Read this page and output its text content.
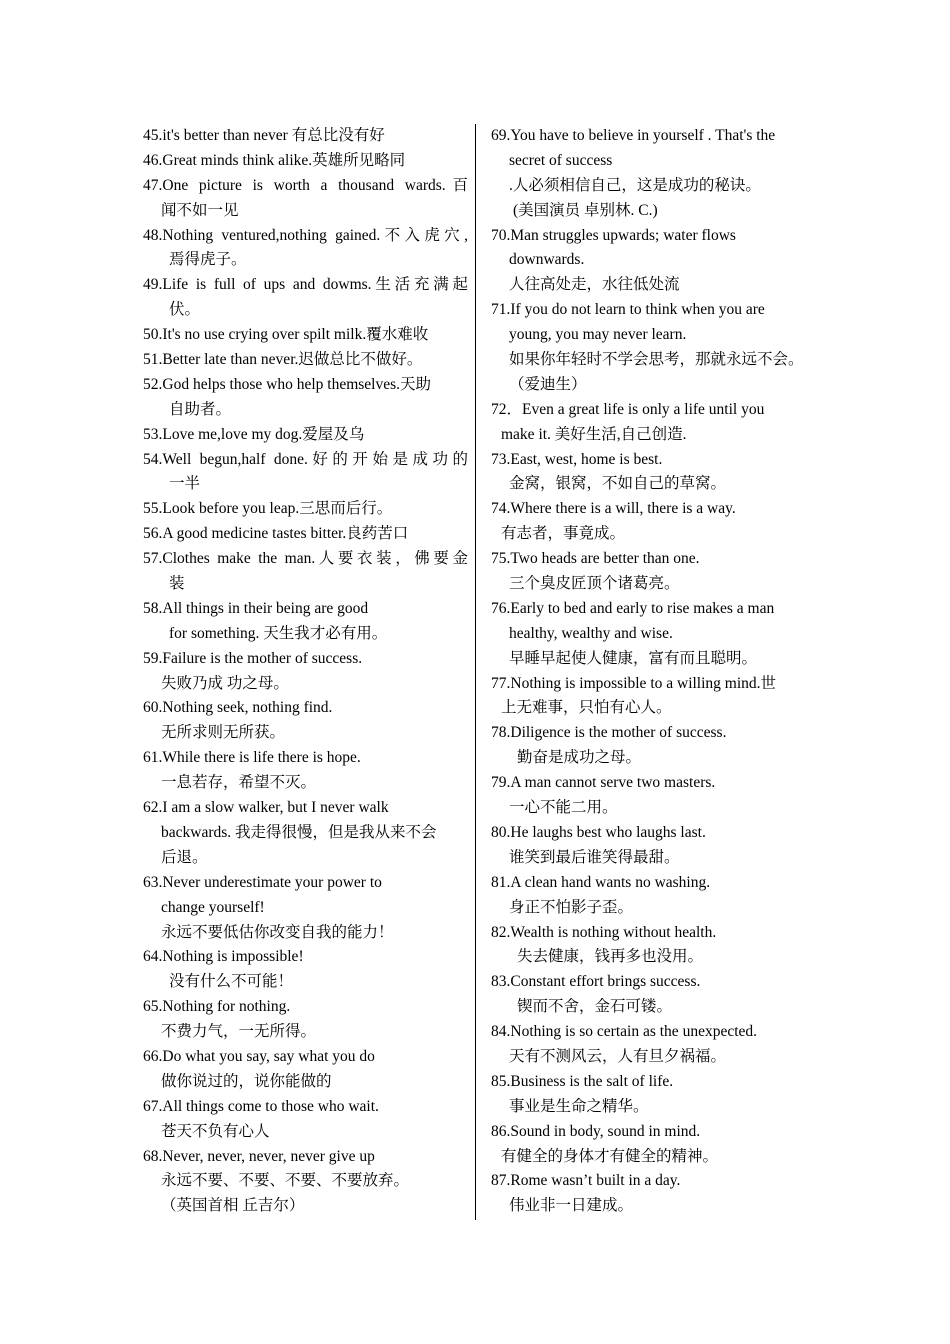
45.it's better than never 有总比没有好
46.Great minds think alike.英雄所见略同
47.One picture is worth a thousand wards.百
闻不如一见
48.Nothing ventured,nothing gained.不入虎穴,
焉得虎子。
49.Life is full of ups and dowms.生活充满起
伏。
50.It's no use crying over spilt milk.覆水难收
51.Better late than never.迟做总比不做好。
52.God helps those who help themselves.天助
自助者。
53.Love me,love my dog.爱屋及乌
54.Well begun,half done.好的开始是成功的
一半
55.Look before you leap.三思而后行。
56.A good medicine tastes bitter.良药苦口
57.Clothes make the man.人要衣装，佛要金
装
58.All things in their being are good
for something. 天生我才必有用。
59.Failure is the mother of success.
失败乃成 功之母。
60.Nothing seek, nothing find.
无所求则无所获。
61.While there is life there is hope.
一息若存，希望不灭。
62.I am a slow walker, but I never walk
backwards. 我走得很慢，但是我从来不会
后退。
63.Never underestimate your power to
change yourself!
永远不要低估你改变自我的能力！
64.Nothing is impossible!
没有什么不可能！
65.Nothing for nothing.
不费力气，一无所得。
66.Do what you say, say what you do
做你说过的，说你能做的
67.All things come to those who wait.
苍天不负有心人
68.Never, never, never, never give up
永远不要、不要、不要、不要放弃。
（英国首相 丘吉尔）
69.You have to believe in yourself . That's the
secret of success
.人必须相信自己，这是成功的秘诀。
(美国演员 卓别林. C.)
70.Man struggles upwards; water flows
downwards.
人往高处走，水往低处流
71.If you do not learn to think when you are
young, you may never learn.
如果你年轻时不学会思考，那就永远不会。
（爱迪生）
72．Even a great life is only a life until you
make it. 美好生活,自己创造.
73.East, west, home is best.
金窝，银窝，不如自己的草窝。
74.Where there is a will, there is a way.
有志者，事竟成。
75.Two heads are better than one.
三个臭皮匠顶个诸葛亮。
76.Early to bed and early to rise makes a man
healthy, wealthy and wise.
早睡早起使人健康，富有而且聪明。
77.Nothing is impossible to a willing mind.世
上无难事，只怕有心人。
78.Diligence is the mother of success.
勤奋是成功之母。
79.A man cannot serve two masters.
一心不能二用。
80.He laughs best who laughs last.
谁笑到最后谁笑得最甜。
81.A clean hand wants no washing.
身正不怕影子歪。
82.Wealth is nothing without health.
失去健康，钱再多也没用。
83.Constant effort brings success.
锲而不舍，金石可镂。
84.Nothing is so certain as the unexpected.
天有不测风云，人有旦夕祸福。
85.Business is the salt of life.
事业是生命之精华。
86.Sound in body, sound in mind.
有健全的身体才有健全的精神。
87.Rome wasn’t built in a day.
伟业非一日建成。
